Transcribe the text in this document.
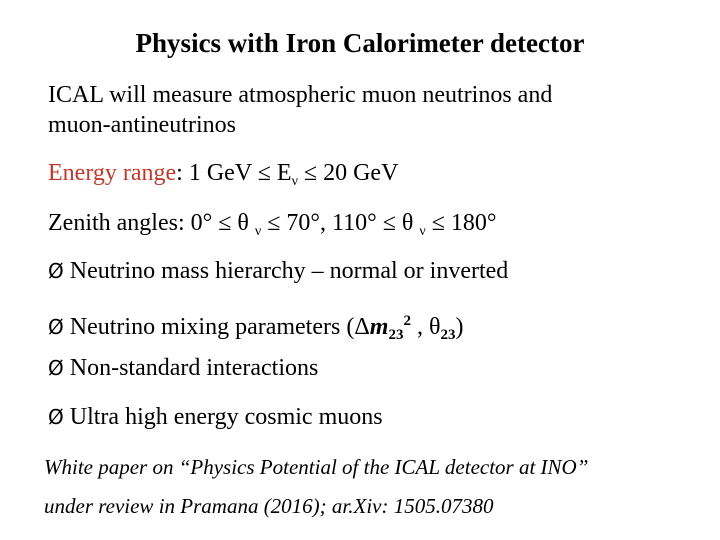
Physics with Iron Calorimeter detector
ICAL will measure atmospheric muon neutrinos and
muon-antineutrinos
Energy range: 1 GeV ≤ $E_\nu \le 20$ GeV
Zenith angles: 0° ≤ θ $_\nu$ ≤ 70°, 110° ≤ θ $_\nu$ ≤ 180°
Ø Neutrino mass hierarchy – normal or inverted
Ø Neutrino mixing parameters ($\Delta m_{23}^2$ , $\theta_{23}$)
Ø Non-standard interactions
Ø Ultra high energy cosmic muons
White paper on “Physics Potential of the ICAL detector at INO”
under review in Pramana (2016); ar.Xiv: 1505.07380
